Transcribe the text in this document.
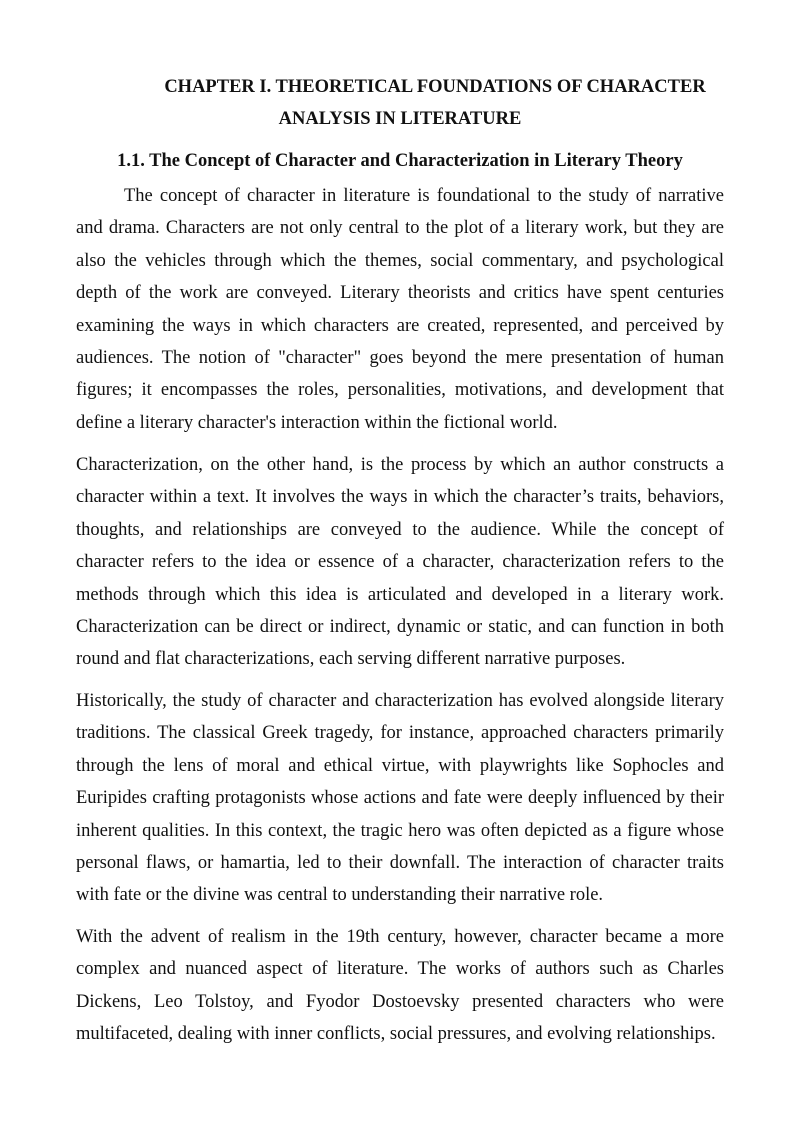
CHAPTER I. THEORETICAL FOUNDATIONS OF CHARACTER ANALYSIS IN LITERATURE
1.1. The Concept of Character and Characterization in Literary Theory

The concept of character in literature is foundational to the study of narrative and drama. Characters are not only central to the plot of a literary work, but they are also the vehicles through which the themes, social commentary, and psychological depth of the work are conveyed. Literary theorists and critics have spent centuries examining the ways in which characters are created, represented, and perceived by audiences. The notion of "character" goes beyond the mere presentation of human figures; it encompasses the roles, personalities, motivations, and development that define a literary character's interaction within the fictional world.

Characterization, on the other hand, is the process by which an author constructs a character within a text. It involves the ways in which the character’s traits, behaviors, thoughts, and relationships are conveyed to the audience. While the concept of character refers to the idea or essence of a character, characterization refers to the methods through which this idea is articulated and developed in a literary work. Characterization can be direct or indirect, dynamic or static, and can function in both round and flat characterizations, each serving different narrative purposes.

Historically, the study of character and characterization has evolved alongside literary traditions. The classical Greek tragedy, for instance, approached characters primarily through the lens of moral and ethical virtue, with playwrights like Sophocles and Euripides crafting protagonists whose actions and fate were deeply influenced by their inherent qualities. In this context, the tragic hero was often depicted as a figure whose personal flaws, or hamartia, led to their downfall. The interaction of character traits with fate or the divine was central to understanding their narrative role.

With the advent of realism in the 19th century, however, character became a more complex and nuanced aspect of literature. The works of authors such as Charles Dickens, Leo Tolstoy, and Fyodor Dostoevsky presented characters who were multifaceted, dealing with inner conflicts, social pressures, and evolving relationships.
